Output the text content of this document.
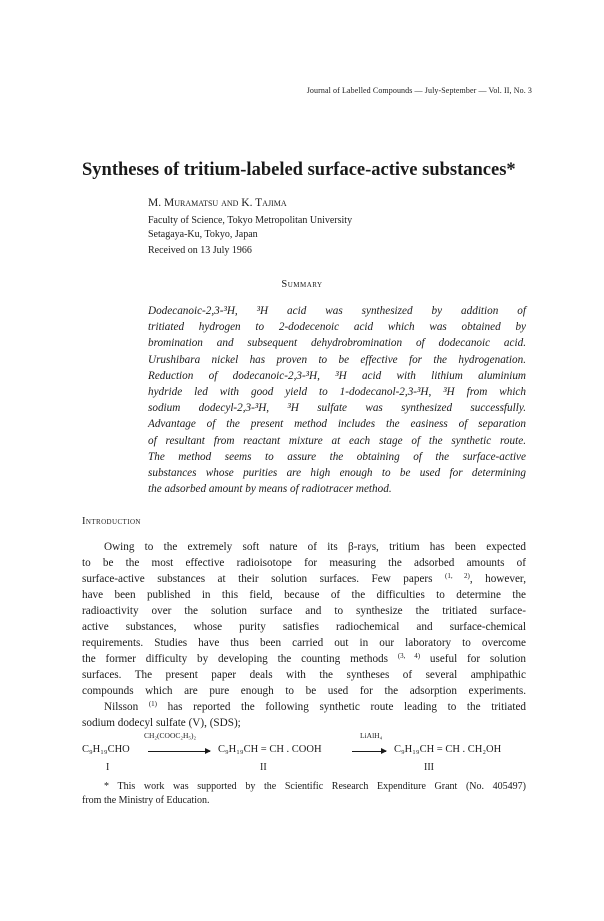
Journal of Labelled Compounds — July-September — Vol. II, No. 3
Syntheses of tritium-labeled surface-active substances*
M. Muramatsu and K. Tajima
Faculty of Science, Tokyo Metropolitan University
Setagaya-Ku, Tokyo, Japan
Received on 13 July 1966
Summary
Dodecanoic-2,3-³H, ³H acid was synthesized by addition of
tritiated hydrogen to 2-dodecenoic acid which was obtained by
bromination and subsequent dehydrobromination of dodecanoic acid.
Urushibara nickel has proven to be effective for the hydrogenation.
Reduction of dodecanoic-2,3-³H, ³H acid with lithium aluminium
hydride led with good yield to 1-dodecanol-2,3-³H, ³H from which
sodium dodecyl-2,3-³H, ³H sulfate was synthesized successfully.
Advantage of the present method includes the easiness of separation
of resultant from reactant mixture at each stage of the synthetic route.
The method seems to assure the obtaining of the surface-active
substances whose purities are high enough to be used for determining
the adsorbed amount by means of radiotracer method.
Introduction
Owing to the extremely soft nature of its β-rays, tritium has been expected
to be the most effective radioisotope for measuring the adsorbed amounts of
surface-active substances at their solution surfaces. Few papers $^{(1, 2)}$, however,
have been published in this field, because of the difficulties to determine the
radioactivity over the solution surface and to synthesize the tritiated surface-
active substances, whose purity satisfies radiochemical and surface-chemical
requirements. Studies have thus been carried out in our laboratory to overcome
the former difficulty by developing the counting methods $^{(3, 4)}$ useful for solution
surfaces. The present paper deals with the syntheses of several amphipathic
compounds which are pure enough to be used for the adsorption experiments.
Nilsson $^{(1)}$ has reported the following synthetic route leading to the tritiated
sodium dodecyl sulfate (V), (SDS);
C₉H₁₉CHO
I
CH₂(COOC₂H₅)₂
C₉H₁₉CH = CH . COOH
II
LiAlH₄
→ C₉H₁₉CH = CH . CH₂OH
III
* This work was supported by the Scientific Research Expenditure Grant (No. 405497)
from the Ministry of Education.
